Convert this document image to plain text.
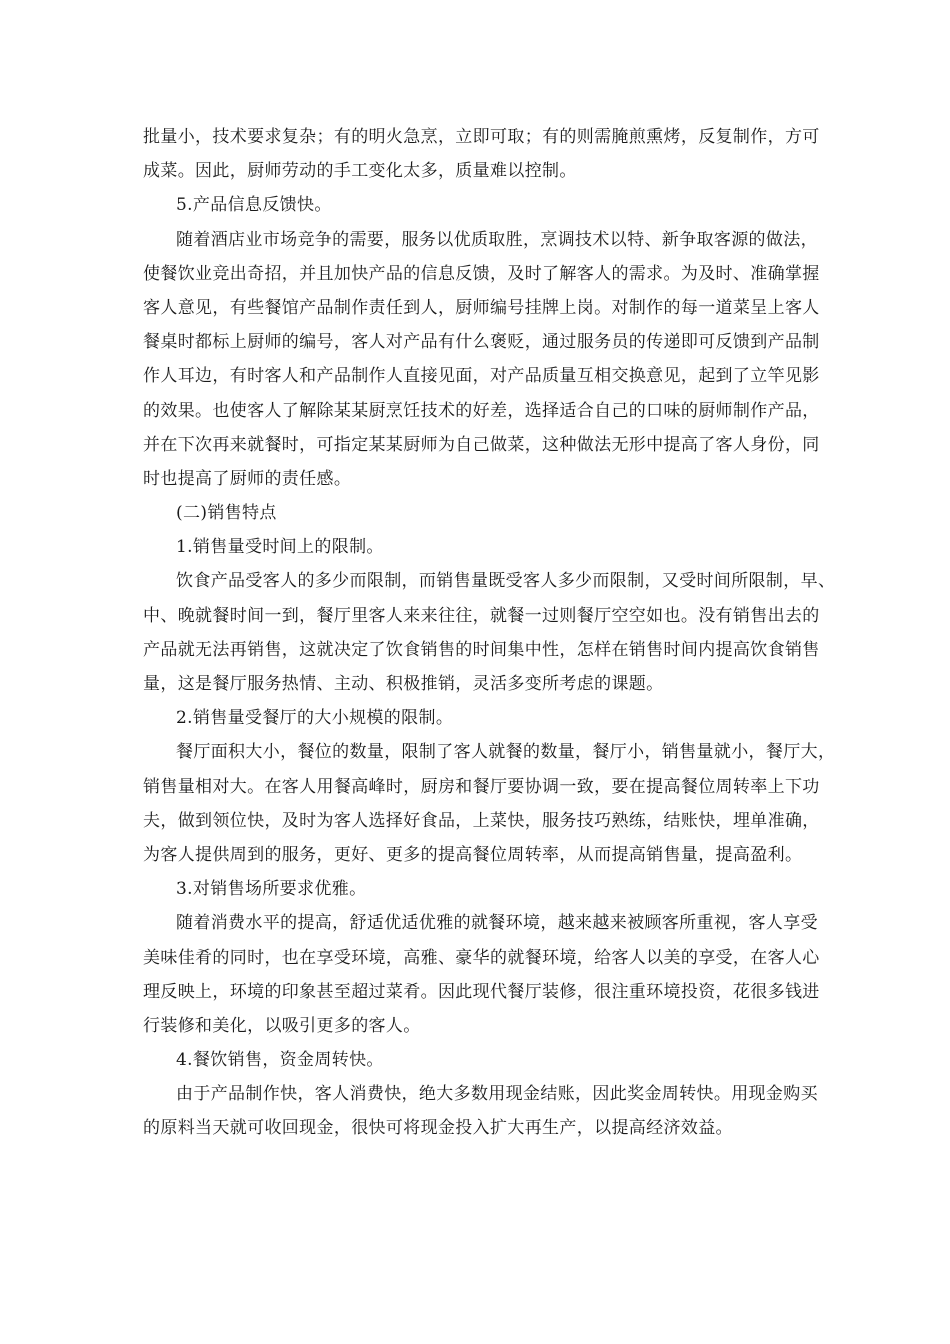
批量小，技术要求复杂；有的明火急烹，立即可取；有的则需腌煎熏烤，反复制作，方可
成菜。因此，厨师劳动的手工变化太多，质量难以控制。
5.产品信息反馈快。
随着酒店业市场竞争的需要，服务以优质取胜，烹调技术以特、新争取客源的做法，
使餐饮业竞出奇招，并且加快产品的信息反馈，及时了解客人的需求。为及时、准确掌握
客人意见，有些餐馆产品制作责任到人，厨师编号挂牌上岗。对制作的每一道菜呈上客人
餐桌时都标上厨师的编号，客人对产品有什么褒贬，通过服务员的传递即可反馈到产品制
作人耳边，有时客人和产品制作人直接见面，对产品质量互相交换意见，起到了立竿见影
的效果。也使客人了解除某某厨烹饪技术的好差，选择适合自己的口味的厨师制作产品，
并在下次再来就餐时，可指定某某厨师为自己做菜，这种做法无形中提高了客人身份，同
时也提高了厨师的责任感。
(二)销售特点
1.销售量受时间上的限制。
饮食产品受客人的多少而限制，而销售量既受客人多少而限制，又受时间所限制，早、
中、晚就餐时间一到，餐厅里客人来来往往，就餐一过则餐厅空空如也。没有销售出去的
产品就无法再销售，这就决定了饮食销售的时间集中性，怎样在销售时间内提高饮食销售
量，这是餐厅服务热情、主动、积极推销，灵活多变所考虑的课题。
2.销售量受餐厅的大小规模的限制。
餐厅面积大小，餐位的数量，限制了客人就餐的数量，餐厅小，销售量就小，餐厅大，
销售量相对大。在客人用餐高峰时，厨房和餐厅要协调一致，要在提高餐位周转率上下功
夫，做到领位快，及时为客人选择好食品，上菜快，服务技巧熟练，结账快，埋单准确，
为客人提供周到的服务，更好、更多的提高餐位周转率，从而提高销售量，提高盈利。
3.对销售场所要求优雅。
随着消费水平的提高，舒适优适优雅的就餐环境，越来越来被顾客所重视，客人享受
美味佳肴的同时，也在享受环境，高雅、豪华的就餐环境，给客人以美的享受，在客人心
理反映上，环境的印象甚至超过菜肴。因此现代餐厅装修，很注重环境投资，花很多钱进
行装修和美化，以吸引更多的客人。
4.餐饮销售，资金周转快。
由于产品制作快，客人消费快，绝大多数用现金结账，因此奖金周转快。用现金购买
的原料当天就可收回现金，很快可将现金投入扩大再生产，以提高经济效益。
